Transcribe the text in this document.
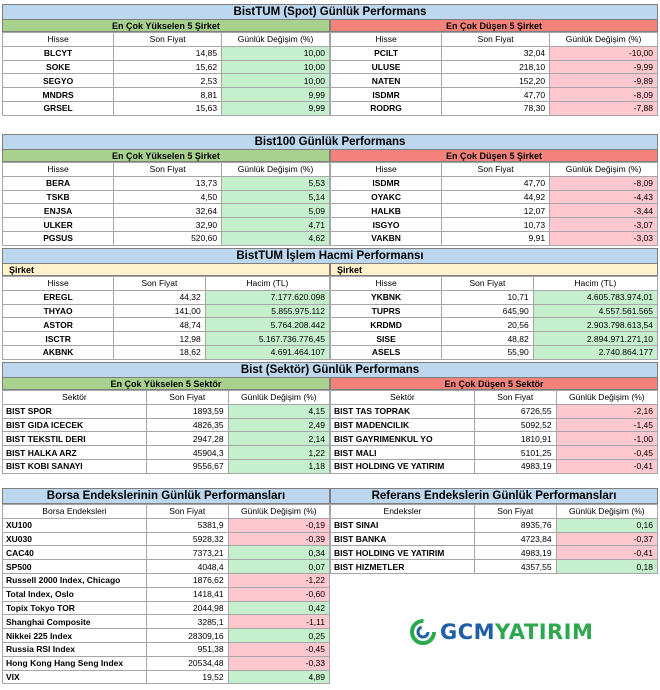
BistTUM (Spot) Günlük Performans
En Çok Yükselen 5 Şirket
Hisse	Son Fiyat	Günlük Değişim (%)
BLCYT	14,85	10,00
SOKE	15,62	10,00
SEGYO	2,53	10,00
MNDRS	8,81	9,99
GRSEL	15,63	9,99
En Çok Düşen 5 Şirket
Hisse	Son Fiyat	Günlük Değişim (%)
PCILT	32,04	-10,00
ULUSE	218,10	-9,99
NATEN	152,20	-9,89
ISDMR	47,70	-8,09
RODRG	78,30	-7,88
Bist100 Günlük Performans
En Çok Yükselen 5 Şirket
Hisse	Son Fiyat	Günlük Değişim (%)
BERA	13,73	5,53
TSKB	4,50	5,14
ENJSA	32,64	5,09
ULKER	32,90	4,71
PGSUS	520,60	4,62
En Çok Düşen 5 Şirket
Hisse	Son Fiyat	Günlük Değişim (%)
ISDMR	47,70	-8,09
OYAKC	44,92	-4,43
HALKB	12,07	-3,44
ISGYO	10,73	-3,07
VAKBN	9,91	-3,03
BistTUM İşlem Hacmi Performansı
Şirket
Hisse	Son Fiyat	Hacim (TL)
EREGL	44,32	7.177.620.098
THYAO	141,00	5.855.975.112
ASTOR	48,74	5.764.208.442
ISCTR	12,98	5.167.736.776,45
AKBNK	18,62	4.691.464.107
Şirket
Hisse	Son Fiyat	Hacim (TL)
YKBNK	10,71	4.605.783.974,01
TUPRS	645,90	4.557.561.565
KRDMD	20,56	2.903.798.613,54
SISE	48,82	2.894.971.271,10
ASELS	55,90	2.740.864.177
Bist (Sektör) Günlük Performans
En Çok Yükselen 5 Sektör
Sektör	Son Fiyat	Günlük Değişim (%)
BIST SPOR	1893,59	4,15
BIST GIDA ICECEK	4826,35	2,49
BIST TEKSTIL DERI	2947,28	2,14
BIST HALKA ARZ	45904,3	1,22
BIST KOBI SANAYI	9556,67	1,18
En Çok Düşen 5 Sektör
Sektör	Son Fiyat	Günlük Değişim (%)
BIST TAS TOPRAK	6726,55	-2,16
BIST MADENCILIK	5092,52	-1,45
BIST GAYRIMENKUL YO	1810,91	-1,00
BIST MALI	5101,25	-0,45
BIST HOLDING VE YATIRIM	4983,19	-0,41
Borsa Endekslerinin Günlük Performansları
Borsa Endeksleri	Son Fiyat	Günlük Değişim (%)
XU100	5381,9	-0,19
XU030	5928,32	-0,39
CAC40	7373,21	0,34
SP500	4048,4	0,07
Russell 2000 Index, Chicago	1876,62	-1,22
Total Index, Oslo	1418,41	-0,60
Topix Tokyo TOR	2044,98	0,42
Shanghai Composite	3285,1	-1,11
Nikkei 225 Index	28309,16	0,25
Russia RSI Index	951,38	-0,45
Hong Kong Hang Seng Index	20534,48	-0,33
VIX	19,52	4,89
Referans Endekslerin Günlük Performansları
Endeksler	Son Fiyat	Günlük Değişim (%)
BIST SINAI	8935,76	0,16
BIST BANKA	4723,84	-0,37
BIST HOLDING VE YATIRIM	4983,19	-0,41
BIST HIZMETLER	4357,55	0,18
GCMYATIRIM
